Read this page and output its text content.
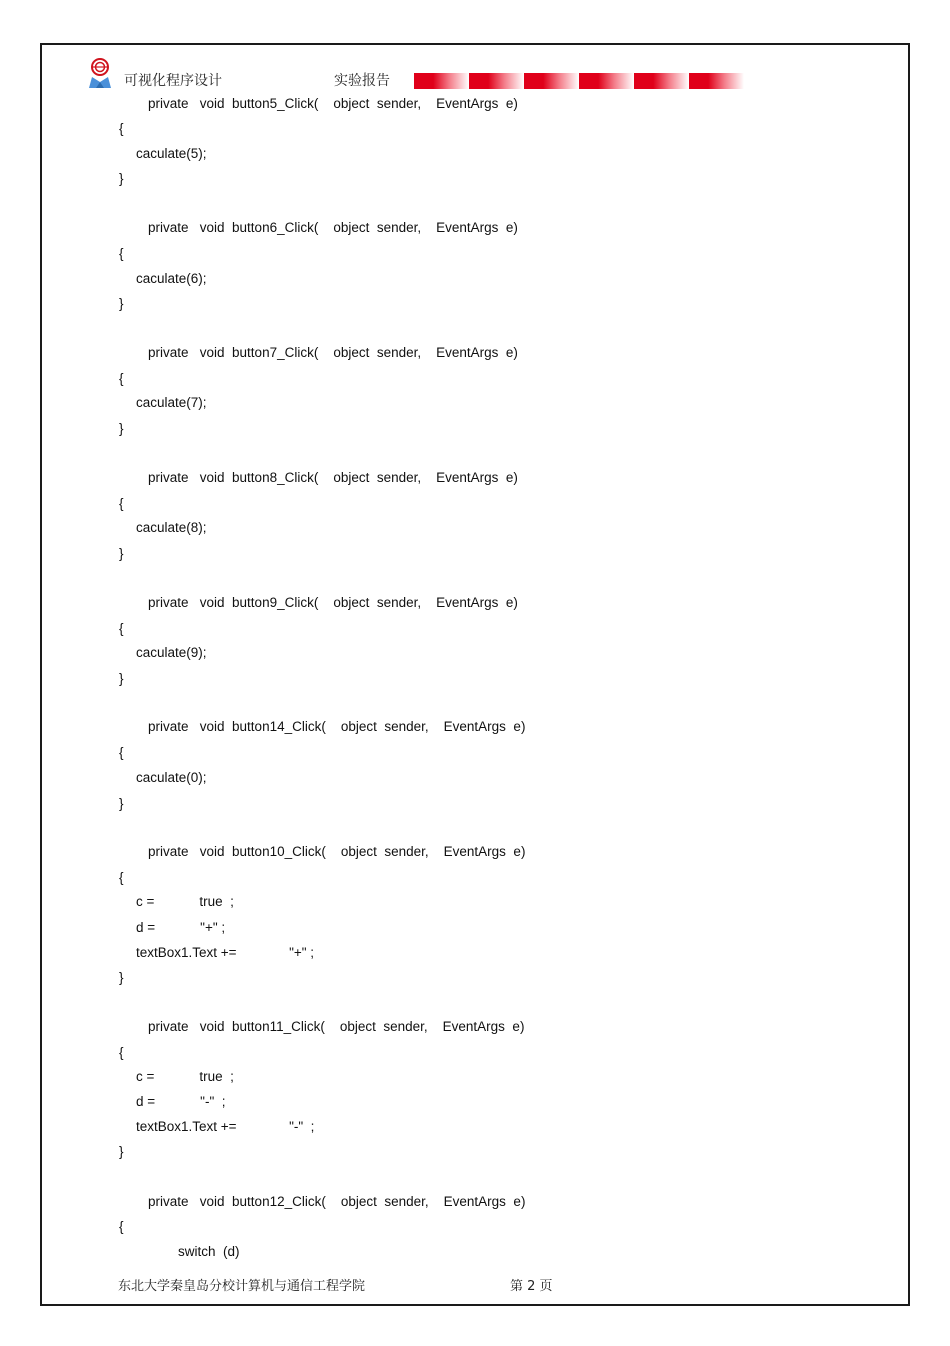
可视化程序设计	实验报告
private   void  button5_Click(    object  sender,    EventArgs  e)
{
caculate(5);
}
private   void  button6_Click(    object  sender,    EventArgs  e)
{
caculate(6);
}
private   void  button7_Click(    object  sender,    EventArgs  e)
{
caculate(7);
}
private   void  button8_Click(    object  sender,    EventArgs  e)
{
caculate(8);
}
private   void  button9_Click(    object  sender,    EventArgs  e)
{
caculate(9);
}
private   void  button14_Click(    object  sender,    EventArgs  e)
{
caculate(0);
}
private   void  button10_Click(    object  sender,    EventArgs  e)
{
c =            true  ;
d =            "+" ;
textBox1.Text +=              "+" ;
}
private   void  button11_Click(    object  sender,    EventArgs  e)
{
c =            true  ;
d =            "-"  ;
textBox1.Text +=              "-"  ;
}
private   void  button12_Click(    object  sender,    EventArgs  e)
{
switch  (d)
东北大学秦皇岛分校计算机与通信工程学院	第 2 页
